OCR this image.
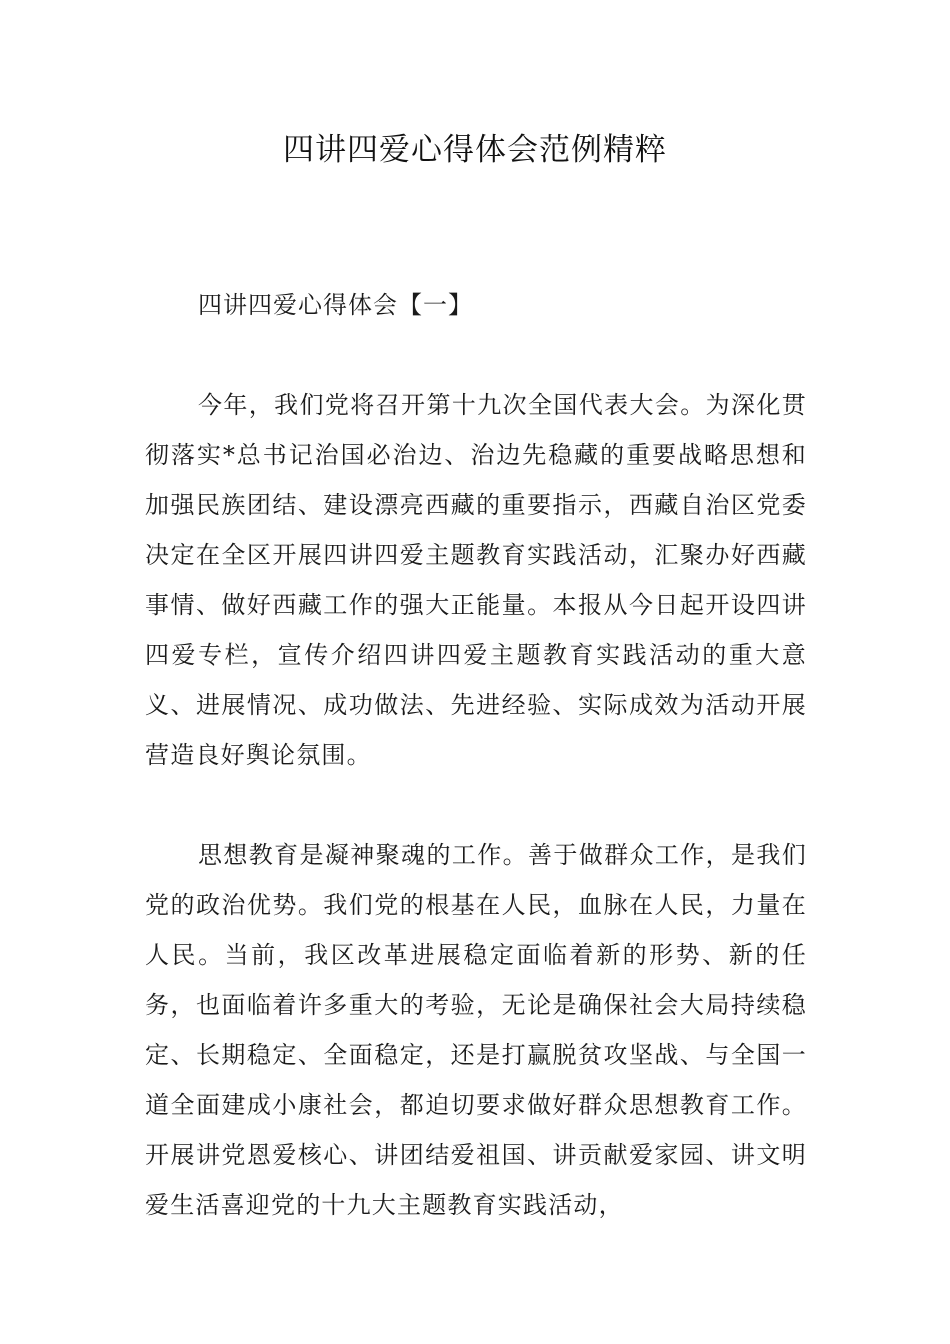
四讲四爱心得体会范例精粹

四讲四爱心得体会【一】

今年，我们党将召开第十九次全国代表大会。为深化贯彻落实*总书记治国必治边、治边先稳藏的重要战略思想和加强民族团结、建设漂亮西藏的重要指示，西藏自治区党委决定在全区开展四讲四爱主题教育实践活动，汇聚办好西藏事情、做好西藏工作的强大正能量。本报从今日起开设四讲四爱专栏，宣传介绍四讲四爱主题教育实践活动的重大意义、进展情况、成功做法、先进经验、实际成效为活动开展营造良好舆论氛围。

思想教育是凝神聚魂的工作。善于做群众工作，是我们党的政治优势。我们党的根基在人民，血脉在人民，力量在人民。当前，我区改革进展稳定面临着新的形势、新的任务，也面临着许多重大的考验，无论是确保社会大局持续稳定、长期稳定、全面稳定，还是打赢脱贫攻坚战、与全国一道全面建成小康社会，都迫切要求做好群众思想教育工作。开展讲党恩爱核心、讲团结爱祖国、讲贡献爱家园、讲文明爱生活喜迎党的十九大主题教育实践活动，
